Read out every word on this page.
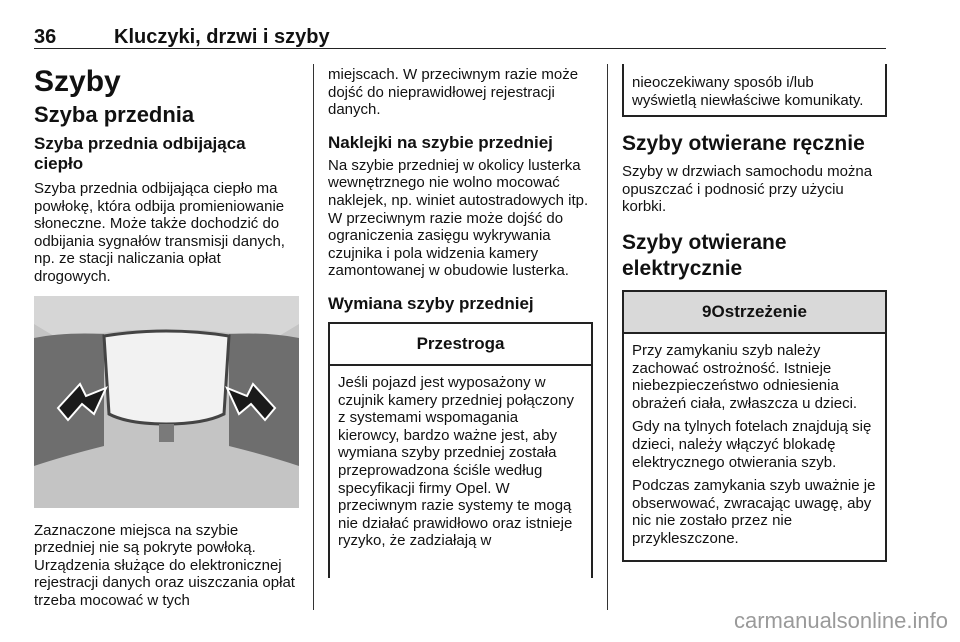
36	Kluczyki, drzwi i szyby
Szyby
Szyba przednia
Szyba przednia odbijająca ciepło

Szyba przednia odbijająca ciepło ma powłokę, która odbija promieniowanie słoneczne. Może także dochodzić do odbijania sygnałów transmisji danych, np. ze stacji naliczania opłat drogowych.

Zaznaczone miejsca na szybie przedniej nie są pokryte powłoką. Urządzenia służące do elektronicznej rejestracji danych oraz uiszczania opłat trzeba mocować w tych

miejscach. W przeciwnym razie może dojść do nieprawidłowej rejestracji danych.

Naklejki na szybie przedniej

Na szybie przedniej w okolicy lusterka wewnętrznego nie wolno mocować naklejek, np. winiet autostradowych itp. W przeciwnym razie może dojść do ograniczenia zasięgu wykrywania czujnika i pola widzenia kamery zamontowanej w obudowie lusterka.

Wymiana szyby przedniej
Przestroga

Jeśli pojazd jest wyposażony w czujnik kamery przedniej połączony z systemami wspomagania kierowcy, bardzo ważne jest, aby wymiana szyby przedniej została przeprowadzona ściśle według specyfikacji firmy Opel. W przeciwnym razie systemy te mogą nie działać prawidłowo oraz istnieje ryzyko, że zadziałają w

nieoczekiwany sposób i/lub wyświetlą niewłaściwe komunikaty.

Szyby otwierane ręcznie

Szyby w drzwiach samochodu można opuszczać i podnosić przy użyciu korbki.

Szyby otwierane elektrycznie
9Ostrzeżenie

Przy zamykaniu szyb należy zachować ostrożność. Istnieje niebezpieczeństwo odniesienia obrażeń ciała, zwłaszcza u dzieci.

Gdy na tylnych fotelach znajdują się dzieci, należy włączyć blokadę elektrycznego otwierania szyb.

Podczas zamykania szyb uważnie je obserwować, zwracając uwagę, aby nic nie zostało przez nie przykleszczone.

carmanualsonline.info
